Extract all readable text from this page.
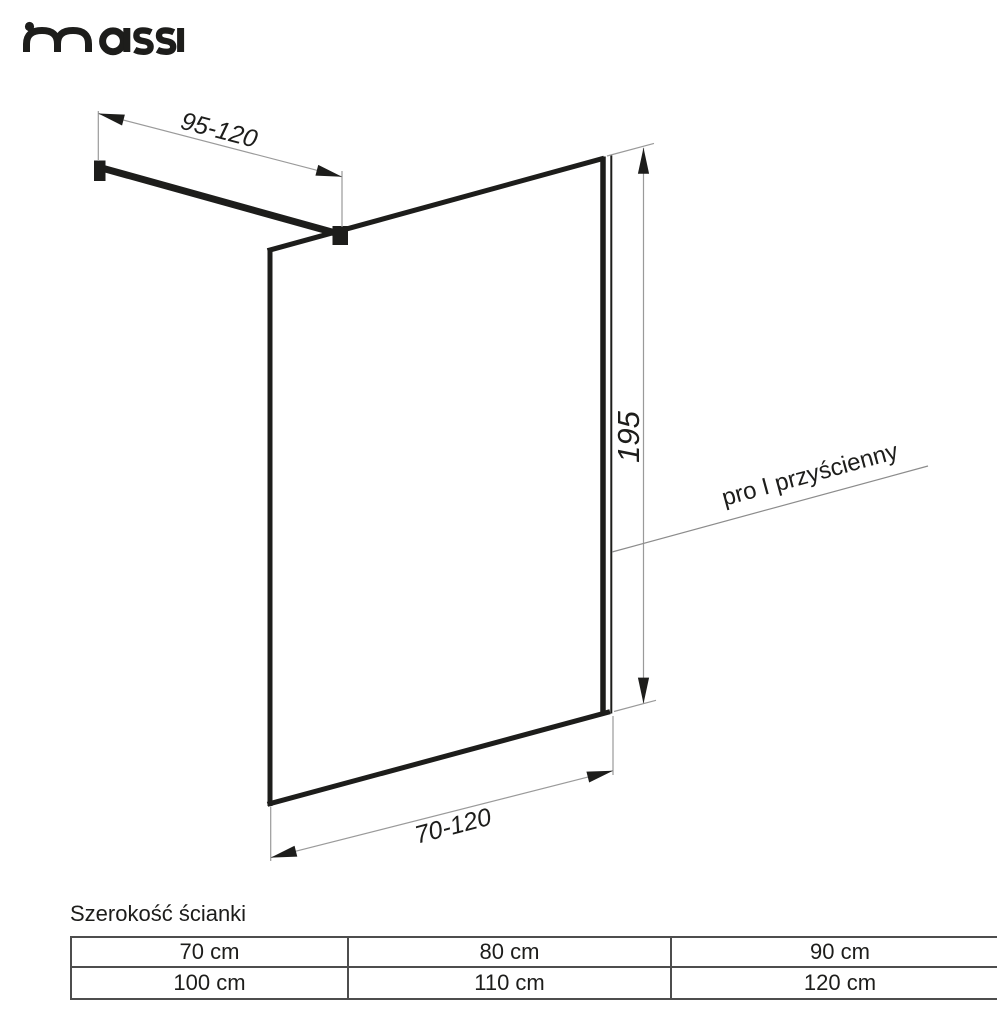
95-120
195
70-120
pro I przyścienny
Szerokość ścianki
70 cm	80 cm	90 cm
100 cm	110 cm	120 cm
